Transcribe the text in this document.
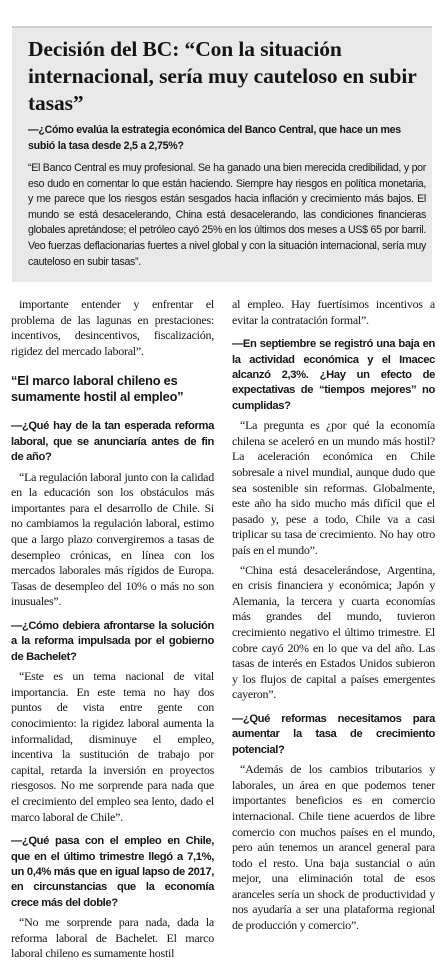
Decisión del BC: “Con la situación internacional, sería muy cauteloso en subir tasas”
—¿Cómo evalúa la estrategia económica del Banco Central, que hace un mes subió la tasa desde 2,5 a 2,75%?
“El Banco Central es muy profesional. Se ha ganado una bien merecida credibilidad, y por eso dudo en comentar lo que están haciendo. Siempre hay riesgos en política monetaria, y me parece que los riesgos están sesgados hacia inflación y crecimiento más bajos. El mundo se está desacelerando, China está desacelerando, las condiciones financieras globales apretándose; el petróleo cayó 25% en los últimos dos meses a US$ 65 por barril. Veo fuerzas deflacionarias fuertes a nivel global y con la situación internacional, sería muy cauteloso en subir tasas”.

importante entender y enfrentar el problema de las lagunas en prestaciones: incentivos, desincentivos, fiscalización, rigidez del mercado laboral”.

“El marco laboral chileno es sumamente hostil al empleo”

—¿Qué hay de la tan esperada reforma laboral, que se anunciaría antes de fin de año?

“La regulación laboral junto con la calidad en la educación son los obstáculos más importantes para el desarrollo de Chile. Si no cambiamos la regulación laboral, estimo que a largo plazo convergiremos a tasas de desempleo crónicas, en línea con los mercados laborales más rígidos de Europa. Tasas de desempleo del 10% o más no son inusuales”.

—¿Cómo debiera afrontarse la solución a la reforma impulsada por el gobierno de Bachelet?

“Este es un tema nacional de vital importancia. En este tema no hay dos puntos de vista entre gente con conocimiento: la rigidez laboral aumenta la informalidad, disminuye el empleo, incentiva la sustitución de trabajo por capital, retarda la inversión en proyectos riesgosos. No me sorprende para nada que el crecimiento del empleo sea lento, dado el marco laboral de Chile”.

—¿Qué pasa con el empleo en Chile, que en el último trimestre llegó a 7,1%, un 0,4% más que en igual lapso de 2017, en circunstancias que la economía crece más del doble?

“No me sorprende para nada, dada la reforma laboral de Bachelet. El marco laboral chileno es sumamente hostil

al empleo. Hay fuertísimos incentivos a evitar la contratación formal”.

—En septiembre se registró una baja en la actividad económica y el Imacec alcanzó 2,3%. ¿Hay un efecto de expectativas de “tiempos mejores” no cumplidas?

“La pregunta es ¿por qué la economía chilena se aceleró en un mundo más hostil? La aceleración económica en Chile sobresale a nivel mundial, aunque dudo que sea sostenible sin reformas. Globalmente, este año ha sido mucho más difícil que el pasado y, pese a todo, Chile va a casi triplicar su tasa de crecimiento. No hay otro país en el mundo”.

“China está desacelerándose, Argentina, en crisis financiera y económica; Japón y Alemania, la tercera y cuarta economías más grandes del mundo, tuvieron crecimiento negativo el último trimestre. El cobre cayó 20% en lo que va del año. Las tasas de interés en Estados Unidos subieron y los flujos de capital a países emergentes cayeron”.

—¿Qué reformas necesitamos para aumentar la tasa de crecimiento potencial?

“Además de los cambios tributarios y laborales, un área en que podemos tener importantes beneficios es en comercio internacional. Chile tiene acuerdos de libre comercio con muchos países en el mundo, pero aún tenemos un arancel general para todo el resto. Una baja sustancial o aún mejor, una eliminación total de esos aranceles sería un shock de productividad y nos ayudaría a ser una plataforma regional de producción y comercio”.
